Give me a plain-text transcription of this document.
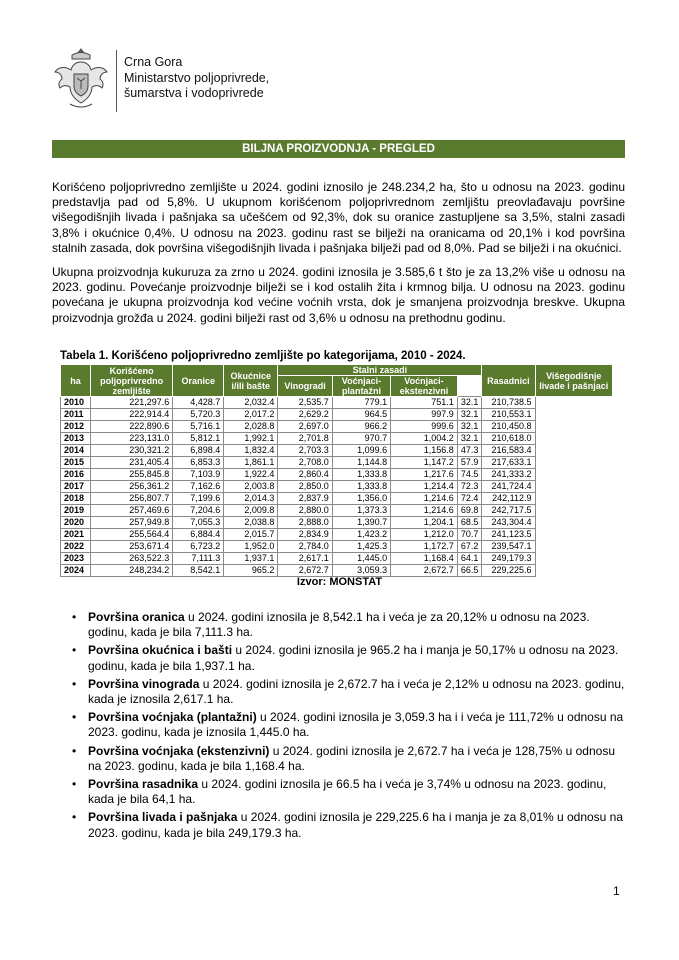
Crna Gora
Ministarstvo poljoprivrede,
šumarstva i vodoprivrede
BILJNA PROIZVODNJA - PREGLED
Korišćeno poljoprivredno zemljište u 2024. godini iznosilo je 248.234,2 ha, što u odnosu na 2023. godinu predstavlja pad od 5,8%. U ukupnom korišćenom poljoprivrednom zemljištu preovlađavaju površine višegodišnjih livada i pašnjaka sa učešćem od 92,3%, dok su oranice zastupljene sa 3,5%, stalni zasadi 3,8% i okućnice 0,4%. U odnosu na 2023. godinu rast se bilježi na oranicama od 20,1% i kod površina stalnih zasada, dok površina višegodišnjih livada i pašnjaka bilježi pad od 8,0%. Pad se bilježi i na okućnici.
Ukupna proizvodnja kukuruza za zrno u 2024. godini iznosila je 3.585,6 t što je za 13,2% više u odnosu na 2023. godinu. Povećanje proizvodnje bilježi se i kod ostalih žita i krmnog bilja. U odnosu na 2023. godinu povećana je ukupna proizvodnja kod većine voćnih vrsta, dok je smanjena proizvodnja breskve. Ukupna proizvodnja grožđa u 2024. godini bilježi rast od 3,6% u odnosu na prethodnu godinu.
Tabela 1. Korišćeno poljoprivredno zemljište po kategorijama, 2010 - 2024.
ha	Korišćeno poljoprivredno zemljište	Oranice	Okućnice i/ili bašte	Stalni zasadi				Rasadnici	Višegodišnje livade i pašnjaci
				Vinogradi	Voćnjaci-plantažni	Voćnjaci-ekstenzivni			
2010	221,297.6	4,428.7	2,032.4	2,535.7	779.1	751.1	32.1	210,738.5	
2011	222,914.4	5,720.3	2,017.2	2,629.2	964.5	997.9	32.1	210,553.1	
2012	222,890.6	5,716.1	2,028.8	2,697.0	966.2	999.6	32.1	210,450.8	
2013	223,131.0	5,812.1	1,992.1	2,701.8	970.7	1,004.2	32.1	210,618.0	
2014	230,321.2	6,898.4	1,832.4	2,703.3	1,099.6	1,156.8	47.3	216,583.4	
2015	231,405.4	6,853.3	1,861.1	2,708.0	1,144.8	1,147.2	57.9	217,633.1	
2016	255,845.8	7,103.9	1,922.4	2,860.4	1,333.8	1,217.6	74.5	241,333.2	
2017	256,361.2	7,162.6	2,003.8	2,850.0	1,333.8	1,214.4	72.3	241,724.4	
2018	256,807.7	7,199.6	2,014.3	2,837.9	1,356.0	1,214.6	72.4	242,112.9	
2019	257,469.6	7,204.6	2,009.8	2,880.0	1,373.3	1,214.6	69.8	242,717.5	
2020	257,949.8	7,055.3	2,038.8	2,888.0	1,390.7	1,204.1	68.5	243,304.4	
2021	255,564.4	6,884.4	2,015.7	2,834.9	1,423.2	1,212.0	70.7	241,123.5	
2022	253,671.4	6,723.2	1,952.0	2,784.0	1,425.3	1,172.7	67.2	239,547.1	
2023	263,522.3	7,111.3	1,937.1	2,617.1	1,445.0	1,168.4	64.1	249,179.3	
2024	248,234.2	8,542.1	965.2	2,672.7	3,059.3	2,672.7	66.5	229,225.6	
Izvor: MONSTAT
• Površina oranica u 2024. godini iznosila je 8,542.1 ha i veća je za 20,12% u odnosu na 2023. godinu, kada je bila 7,111.3 ha.
• Površina okućnica i bašti u 2024. godini iznosila je 965.2 ha i manja je 50,17% u odnosu na 2023. godinu, kada je bila 1,937.1 ha.
• Površina vinograda u 2024. godini iznosila je 2,672.7 ha i veća je 2,12% u odnosu na 2023. godinu, kada je iznosila 2,617.1 ha.
• Površina voćnjaka (plantažni) u 2024. godini iznosila je 3,059.3 ha i i veća je 111,72% u odnosu na 2023. godinu, kada je iznosila 1,445.0 ha.
• Površina voćnjaka (ekstenzivni) u 2024. godini iznosila je 2,672.7 ha i veća je 128,75% u odnosu na 2023. godinu, kada je bila 1,168.4 ha.
• Površina rasadnika u 2024. godini iznosila je 66.5 ha i veća je 3,74% u odnosu na 2023. godinu, kada je bila 64,1 ha.
• Površina livada i pašnjaka u 2024. godini iznosila je 229,225.6 ha i manja je za 8,01% u odnosu na 2023. godinu, kada je bila 249,179.3 ha.
1
